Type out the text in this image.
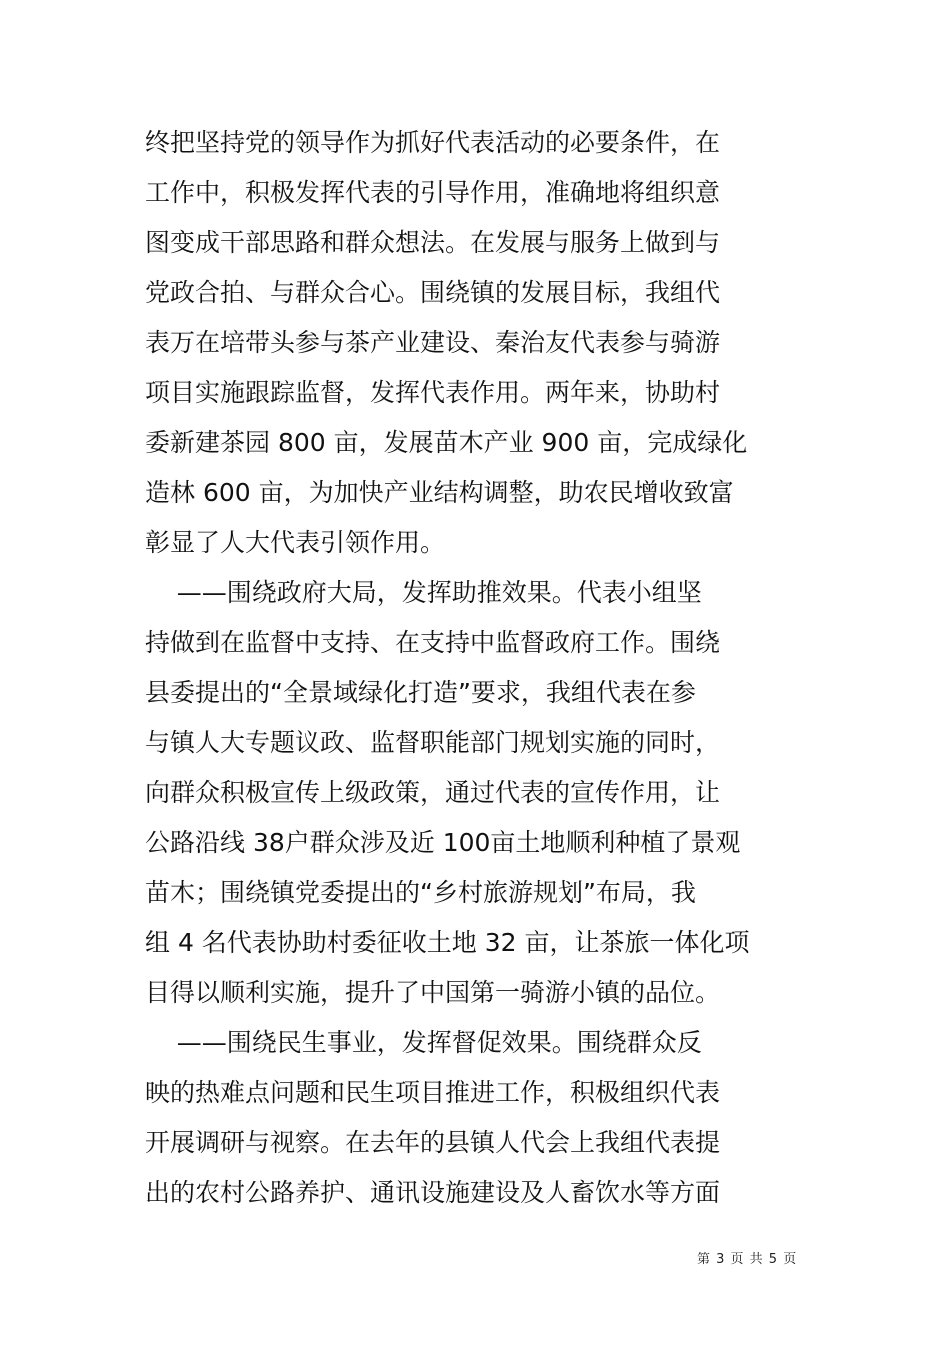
终把坚持党的领导作为抓好代表活动的必要条件，在
工作中，积极发挥代表的引导作用，准确地将组织意
图变成干部思路和群众想法。在发展与服务上做到与
党政合拍、与群众合心。围绕镇的发展目标，我组代
表万在培带头参与茶产业建设、秦治友代表参与骑游
项目实施跟踪监督，发挥代表作用。两年来，协助村
委新建茶园 800 亩，发展苗木产业 900 亩，完成绿化
造林 600 亩，为加快产业结构调整，助农民增收致富
彰显了人大代表引领作用。
——围绕政府大局，发挥助推效果。代表小组坚
持做到在监督中支持、在支持中监督政府工作。围绕
县委提出的“全景域绿化打造”要求，我组代表在参
与镇人大专题议政、监督职能部门规划实施的同时，
向群众积极宣传上级政策，通过代表的宣传作用，让
公路沿线 38户群众涉及近 100亩土地顺利种植了景观
苗木；围绕镇党委提出的“乡村旅游规划”布局，我
组 4 名代表协助村委征收土地 32 亩，让茶旅一体化项
目得以顺利实施，提升了中国第一骑游小镇的品位。
——围绕民生事业，发挥督促效果。围绕群众反
映的热难点问题和民生项目推进工作，积极组织代表
开展调研与视察。在去年的县镇人代会上我组代表提
出的农村公路养护、通讯设施建设及人畜饮水等方面
第 3 页 共 5 页
